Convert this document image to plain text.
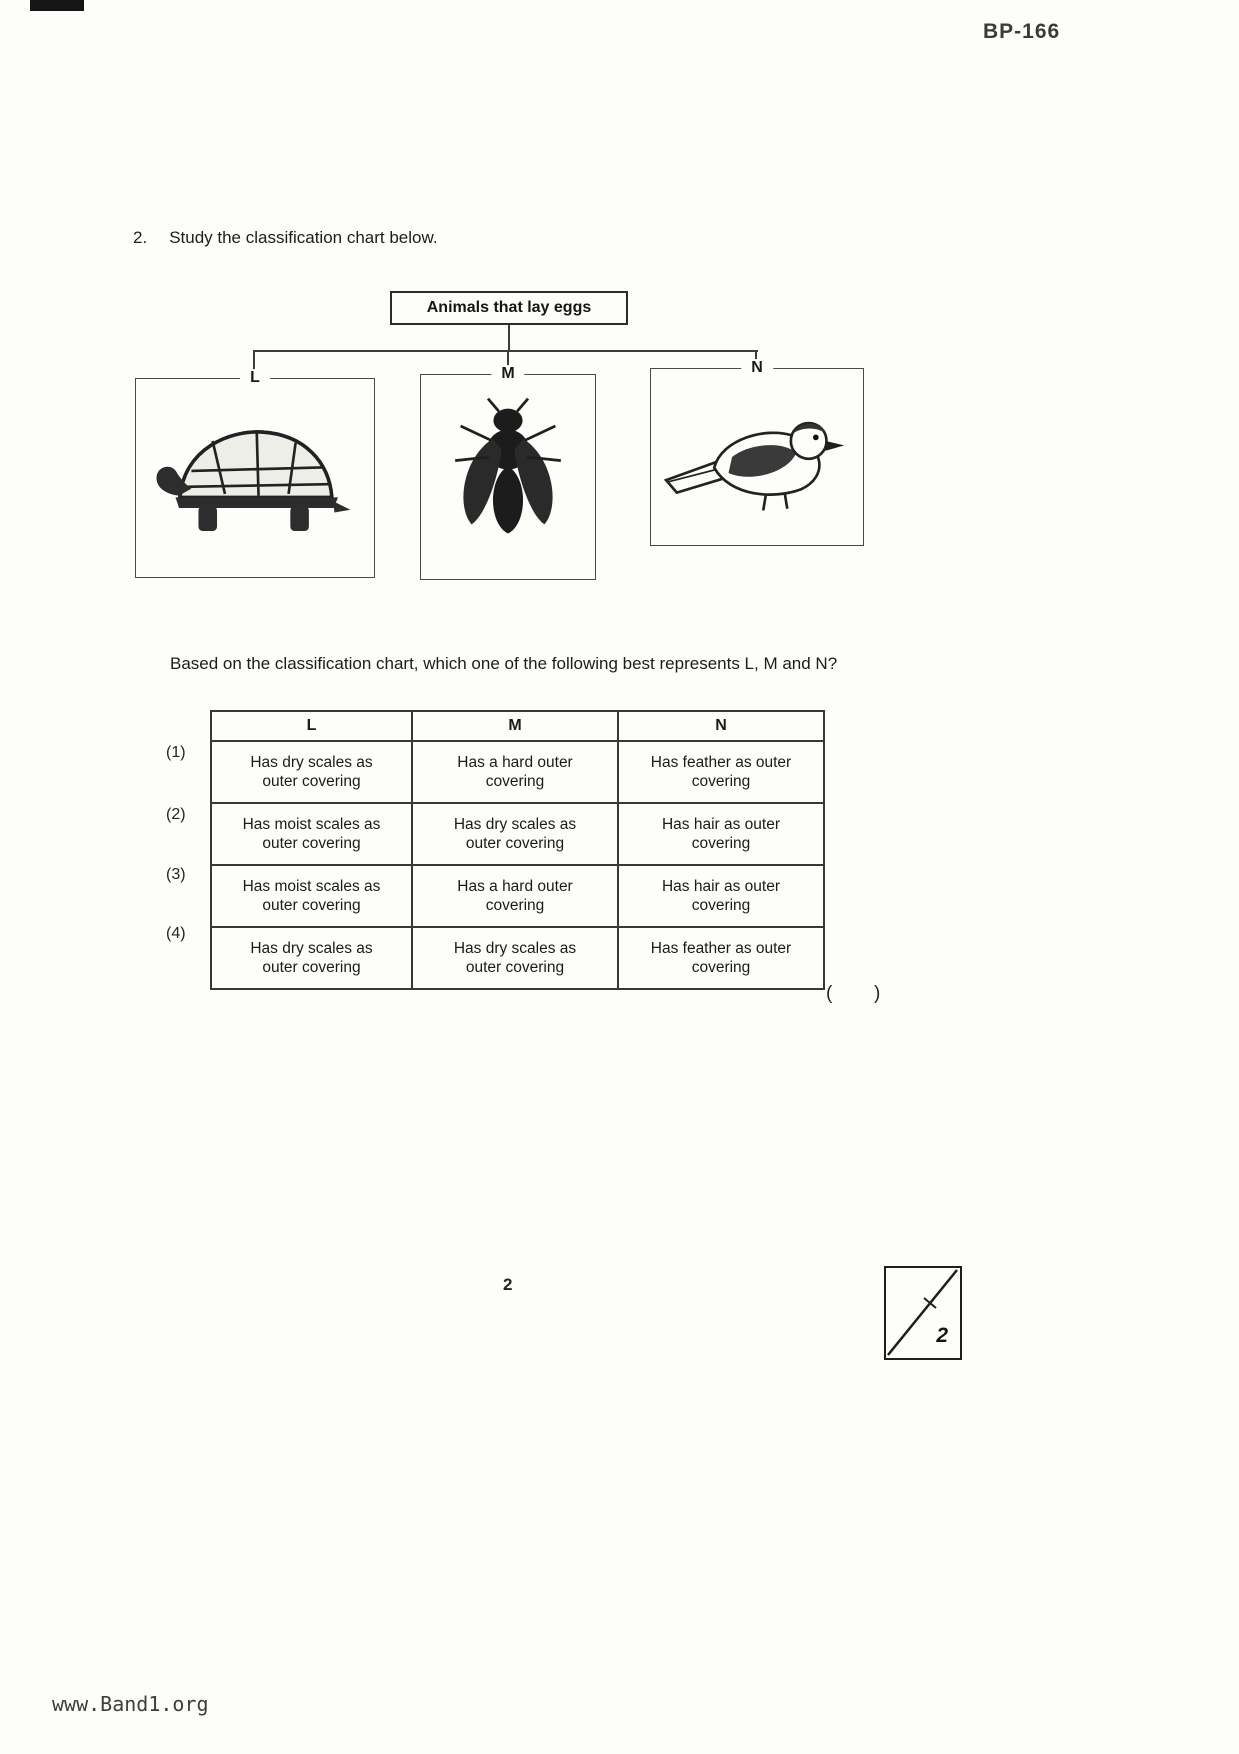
BP-166
2. Study the classification chart below.
Animals that lay eggs
L	M	N
Based on the classification chart, which one of the following best represents L, M and N?
(1)
(2)
(3)
(4)
L	M	N
Has dry scales as outer covering	Has a hard outer covering	Has feather as outer covering
Has moist scales as outer covering	Has dry scales as outer covering	Has hair as outer covering
Has moist scales as outer covering	Has a hard outer covering	Has hair as outer covering
Has dry scales as outer covering	Has dry scales as outer covering	Has feather as outer covering
( )
2
2
www.Band1.org
